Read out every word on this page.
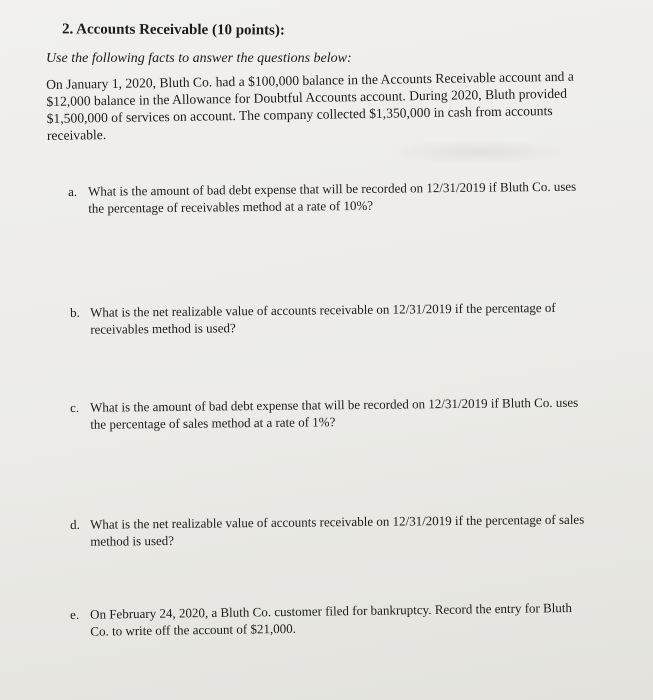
2. Accounts Receivable (10 points):
Use the following facts to answer the questions below:
On January 1, 2020, Bluth Co. had a $100,000 balance in the Accounts Receivable account and a $12,000 balance in the Allowance for Doubtful Accounts account. During 2020, Bluth provided $1,500,000 of services on account. The company collected $1,350,000 in cash from accounts receivable.
a. What is the amount of bad debt expense that will be recorded on 12/31/2019 if Bluth Co. uses the percentage of receivables method at a rate of 10%?
b. What is the net realizable value of accounts receivable on 12/31/2019 if the percentage of receivables method is used?
c. What is the amount of bad debt expense that will be recorded on 12/31/2019 if Bluth Co. uses the percentage of sales method at a rate of 1%?
d. What is the net realizable value of accounts receivable on 12/31/2019 if the percentage of sales method is used?
e. On February 24, 2020, a Bluth Co. customer filed for bankruptcy. Record the entry for Bluth Co. to write off the account of $21,000.
